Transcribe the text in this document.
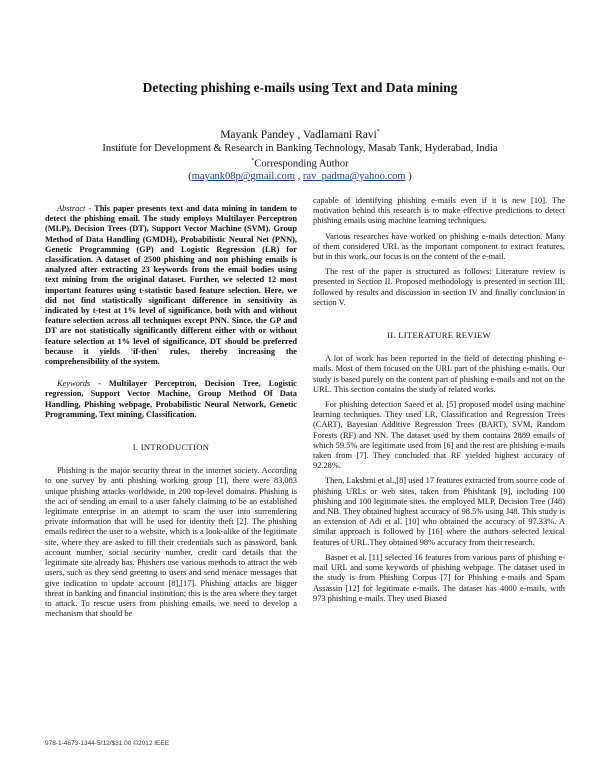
Detecting phishing e-mails using Text and Data mining
Mayank Pandey , Vadlamani Ravi*
Institute for Development & Research in Banking Technology, Masab Tank, Hyderabad, India
*Corresponding Author
(mayank08p@gmail.com , rav_padma@yahoo.com )

Abstract - This paper presents text and data mining in tandem to detect the phishing email. The study employs Multilayer Perceptron (MLP), Decision Trees (DT), Support Vector Machine (SVM), Group Method of Data Handling (GMDH), Probabilistic Neural Net (PNN), Genetic Programming (GP) and Logistic Regression (LR) for classification. A dataset of 2500 phishing and non phishing emails is analyzed after extracting 23 keywords from the email bodies using text mining from the original dataset. Further, we selected 12 most important features using t-statistic based feature selection. Here, we did not find statistically significant difference in sensitivity as indicated by t-test at 1% level of significance, both with and without feature selection across all techniques except PNN. Since, the GP and DT are not statistically significantly different either with or without feature selection at 1% level of significance, DT should be preferred because it yields 'if-then' rules, thereby increasing the comprehensibility of the system.

Keywords - Multilayer Perceptron, Decision Tree, Logistic regression, Support Vector Machine, Group Method Of Data Handling, Phishing webpage, Probabilistic Neural Network, Genetic Programming, Text mining, Classification.

I. INTRODUCTION

Phishing is the major security threat in the internet society. According to one survey by anti phishing working group [1], there were 83,083 unique phishing attacks worldwide, in 200 top-level domains. Phishing is the act of sending an email to a user falsely claiming to be an established legitimate enterprise in an attempt to scam the user into surrendering private information that will be used for identity theft [2]. The phishing emails redirect the user to a website, which is a look-alike of the legitimate site, where they are asked to fill their credentials such as password, bank account number, social security number, credit card details that the legitimate site already has. Phishers use various methods to attract the web users, such as they send greeting to users and send menace messages that give indication to update account [8],[17]. Phishing attacks are bigger threat in banking and financial institution; this is the area where they target to attack. To rescue users from phishing emails, we need to develop a mechanism that should be

capable of identifying phishing e-mails even if it is new [10]. The motivation behind this research is to make effective predictions to detect phishing emails using machine learning techniques.

Various researches have worked on phishing e-mails detection. Many of them considered URL as the important component to extract features, but in this work, our focus is on the content of the e-mail.

The rest of the paper is structured as follows: Literature review is presented in Section II. Proposed methodology is presented in section III, followed by results and discussion in section IV and finally conclusion in section V.

II. LITERATURE REVIEW

A lot of work has been reported in the field of detecting phishing e-mails. Most of them focused on the URL part of the phishing e-mails. Our study is based purely on the content part of phishing e-mails and not on the URL. This section contains the study of related works.

For phishing detection Saeed et al. [5] proposed model using machine learning techniques. They used LR, Classification and Regression Trees (CART), Bayesian Additive Regression Trees (BART), SVM, Random Forests (RF) and NN. The dataset used by them contains 2889 emails of which 59.5% are legitimate used from [6] and the rest are phishing e-mails taken from [7]. They concluded that RF yielded highest accuracy of 92.28%.

Then, Lakshmi et al.,[8] used 17 features extracted from source code of phishing URLs or web sites, taken from Phishtank [9], including 100 phishing and 100 legitimate sites. the employed MLP, Decision Tree (J48) and NB. They obtained highest accuracy of 98.5% using J48. This study is an extension of Adi et al. [10] who obtained the accuracy of 97.33%. A similar approach is followed by [16] where the authors selected lexical features of URL.They obtained 98% accuracy from their research.

Basnet et al. [11] selected 16 features from various parts of phishing e-mail URL and some keywords of phishing webpage. The dataset used in the study is from Phishing Corpus [7] for Phishing e-mails and Spam Assassin [12] for legitimate e-mails. The dataset has 4000 e-mails, with 973 phishing e-mails. They used Biased

978-1-4673-1344-5/12/$31.00 ©2012 IEEE
